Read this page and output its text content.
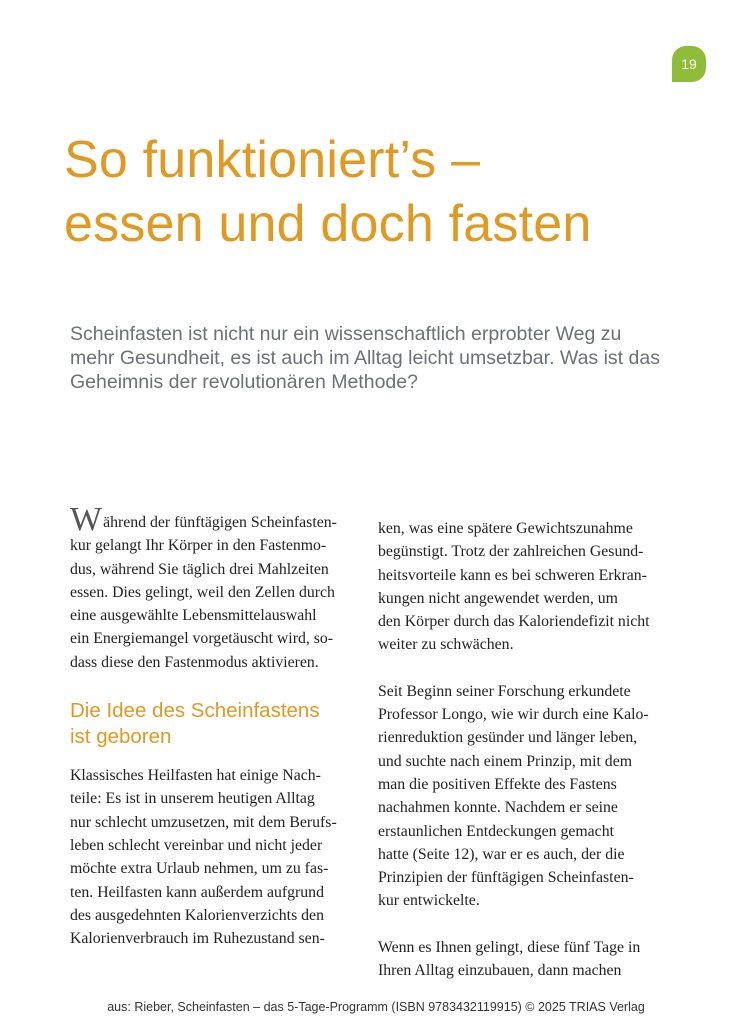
19
So funktioniert’s –
essen und doch fasten

Scheinfasten ist nicht nur ein wissenschaftlich erprobter Weg zu
mehr Gesundheit, es ist auch im Alltag leicht umsetzbar. Was ist das
Geheimnis der revolutionären Methode?

Während der fünftägigen Scheinfasten-
kur gelangt Ihr Körper in den Fastenmo-
dus, während Sie täglich drei Mahlzeiten
essen. Dies gelingt, weil den Zellen durch
eine ausgewählte Lebensmittelauswahl
ein Energiemangel vorgetäuscht wird, so-
dass diese den Fastenmodus aktivieren.

Die Idee des Scheinfastens
ist geboren

Klassisches Heilfasten hat einige Nach-
teile: Es ist in unserem heutigen Alltag
nur schlecht umzusetzen, mit dem Berufs-
leben schlecht vereinbar und nicht jeder
möchte extra Urlaub nehmen, um zu fas-
ten. Heilfasten kann außerdem aufgrund
des ausgedehnten Kalorienverzichts den
Kalorienverbrauch im Ruhezustand sen-

ken, was eine spätere Gewichtszunahme
begünstigt. Trotz der zahlreichen Gesund-
heitsvorteile kann es bei schweren Erkran-
kungen nicht angewendet werden, um
den Körper durch das Kaloriendefizit nicht
weiter zu schwächen.

Seit Beginn seiner Forschung erkundete
Professor Longo, wie wir durch eine Kalo-
rienreduktion gesünder und länger leben,
und suchte nach einem Prinzip, mit dem
man die positiven Effekte des Fastens
nachahmen konnte. Nachdem er seine
erstaunlichen Entdeckungen gemacht
hatte (Seite 12), war er es auch, der die
Prinzipien der fünftägigen Scheinfasten-
kur entwickelte.

Wenn es Ihnen gelingt, diese fünf Tage in
Ihren Alltag einzubauen, dann machen

aus: Rieber, Scheinfasten – das 5-Tage-Programm (ISBN 9783432119915) © 2025 TRIAS Verlag
